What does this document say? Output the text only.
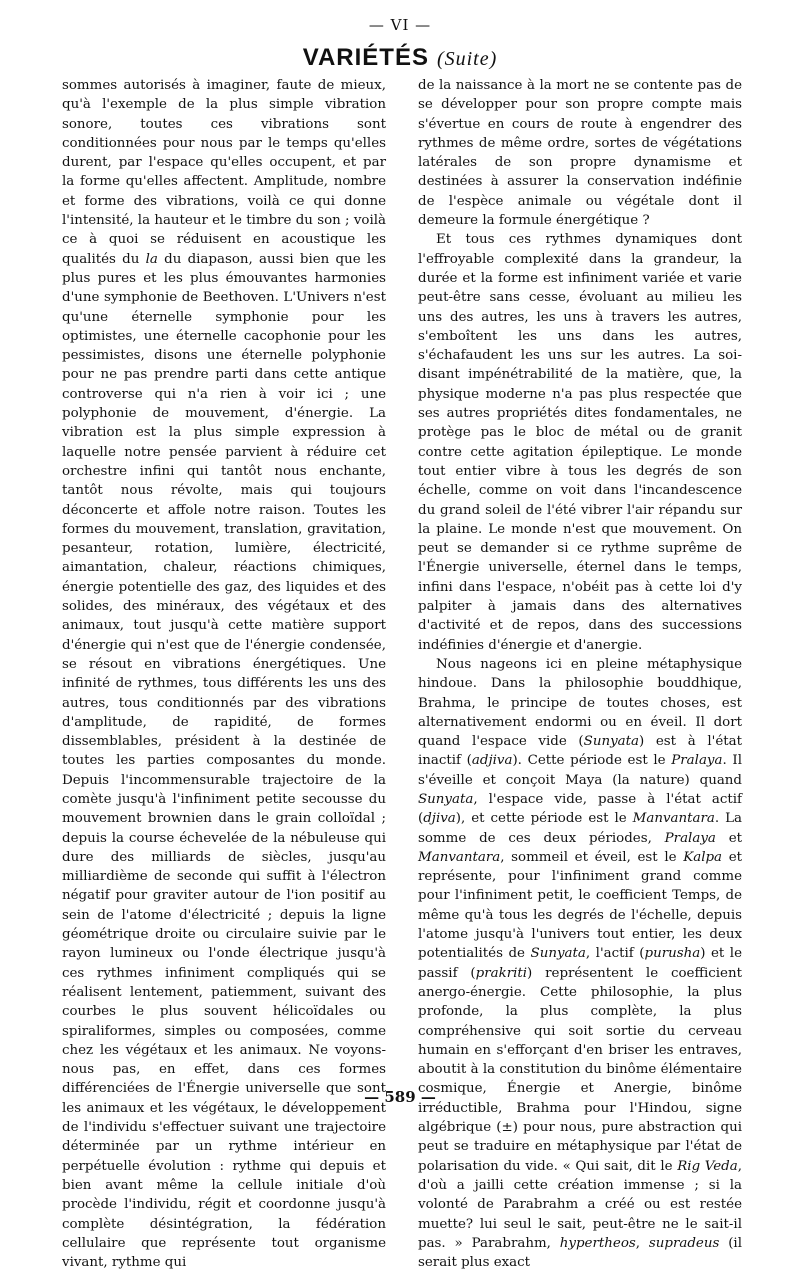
— VI —
VARIÉTÉS (Suite)

sommes autorisés à imaginer, faute de mieux, qu'à l'exemple de la plus simple vibration sonore, toutes ces vibrations sont conditionnées pour nous par le temps qu'elles durent, par l'espace qu'elles occupent, et par la forme qu'elles affectent. Amplitude, nombre et forme des vibrations, voilà ce qui donne l'intensité, la hauteur et le timbre du son ; voilà ce à quoi se réduisent en acoustique les qualités du la du diapason, aussi bien que les plus pures et les plus émouvantes harmonies d'une symphonie de Beethoven. L'Univers n'est qu'une éternelle symphonie pour les optimistes, une éternelle cacophonie pour les pessimistes, disons une éternelle polyphonie pour ne pas prendre parti dans cette antique controverse qui n'a rien à voir ici ; une polyphonie de mouvement, d'énergie. La vibration est la plus simple expression à laquelle notre pensée parvient à réduire cet orchestre infini qui tantôt nous enchante, tantôt nous révolte, mais qui toujours déconcerte et affole notre raison. Toutes les formes du mouvement, translation, gravitation, pesanteur, rotation, lumière, électricité, aimantation, chaleur, réactions chimiques, énergie potentielle des gaz, des liquides et des solides, des minéraux, des végétaux et des animaux, tout jusqu'à cette matière support d'énergie qui n'est que de l'énergie condensée, se résout en vibrations énergétiques. Une infinité de rythmes, tous différents les uns des autres, tous conditionnés par des vibrations d'amplitude, de rapidité, de formes dissemblables, président à la destinée de toutes les parties composantes du monde. Depuis l'incommensurable trajectoire de la comète jusqu'à l'infiniment petite secousse du mouvement brownien dans le grain colloïdal ; depuis la course échevelée de la nébuleuse qui dure des milliards de siècles, jusqu'au milliardième de seconde qui suffit à l'électron négatif pour graviter autour de l'ion positif au sein de l'atome d'électricité ; depuis la ligne géométrique droite ou circulaire suivie par le rayon lumineux ou l'onde électrique jusqu'à ces rythmes infiniment compliqués qui se réalisent lentement, patiemment, suivant des courbes le plus souvent hélicoïdales ou spiraliformes, simples ou composées, comme chez les végétaux et les animaux. Ne voyons-nous pas, en effet, dans ces formes différenciées de l'Énergie universelle que sont les animaux et les végétaux, le développement de l'individu s'effectuer suivant une trajectoire déterminée par un rythme intérieur en perpétuelle évolution : rythme qui depuis et bien avant même la cellule initiale d'où procède l'individu, régit et coordonne jusqu'à complète désintégration, la fédération cellulaire que représente tout organisme vivant, rythme qui

de la naissance à la mort ne se contente pas de se développer pour son propre compte mais s'évertue en cours de route à engendrer des rythmes de même ordre, sortes de végétations latérales de son propre dynamisme et destinées à assurer la conservation indéfinie de l'espèce animale ou végétale dont il demeure la formule énergétique ?

Et tous ces rythmes dynamiques dont l'effroyable complexité dans la grandeur, la durée et la forme est infiniment variée et varie peut-être sans cesse, évoluant au milieu les uns des autres, les uns à travers les autres, s'emboîtent les uns dans les autres, s'échafaudent les uns sur les autres. La soi-disant impénétrabilité de la matière, que, la physique moderne n'a pas plus respectée que ses autres propriétés dites fondamentales, ne protège pas le bloc de métal ou de granit contre cette agitation épileptique. Le monde tout entier vibre à tous les degrés de son échelle, comme on voit dans l'incandescence du grand soleil de l'été vibrer l'air répandu sur la plaine. Le monde n'est que mouvement. On peut se demander si ce rythme suprême de l'Énergie universelle, éternel dans le temps, infini dans l'espace, n'obéit pas à cette loi d'y palpiter à jamais dans des alternatives d'activité et de repos, dans des successions indéfinies d'énergie et d'anergie.

Nous nageons ici en pleine métaphysique hindoue. Dans la philosophie bouddhique, Brahma, le principe de toutes choses, est alternativement endormi ou en éveil. Il dort quand l'espace vide (Sunyata) est à l'état inactif (adjiva). Cette période est le Pralaya. Il s'éveille et conçoit Maya (la nature) quand Sunyata, l'espace vide, passe à l'état actif (djiva), et cette période est le Manvantara. La somme de ces deux périodes, Pralaya et Manvantara, sommeil et éveil, est le Kalpa et représente, pour l'infiniment grand comme pour l'infiniment petit, le coefficient Temps, de même qu'à tous les degrés de l'échelle, depuis l'atome jusqu'à l'univers tout entier, les deux potentialités de Sunyata, l'actif (purusha) et le passif (prakriti) représentent le coefficient anergo-énergie. Cette philosophie, la plus profonde, la plus complète, la plus compréhensive qui soit sortie du cerveau humain en s'efforçant d'en briser les entraves, aboutit à la constitution du binôme élémentaire cosmique, Énergie et Anergie, binôme irréductible, Brahma pour l'Hindou, signe algébrique (±) pour nous, pure abstraction qui peut se traduire en métaphysique par l'état de polarisation du vide. « Qui sait, dit le Rig Veda, d'où a jailli cette création immense ; si la volonté de Parabrahm a créé ou est restée muette? lui seul le sait, peut-être ne le sait-il pas. » Parabrahm, hypertheos, supradeus (il serait plus exact

— 589 —
